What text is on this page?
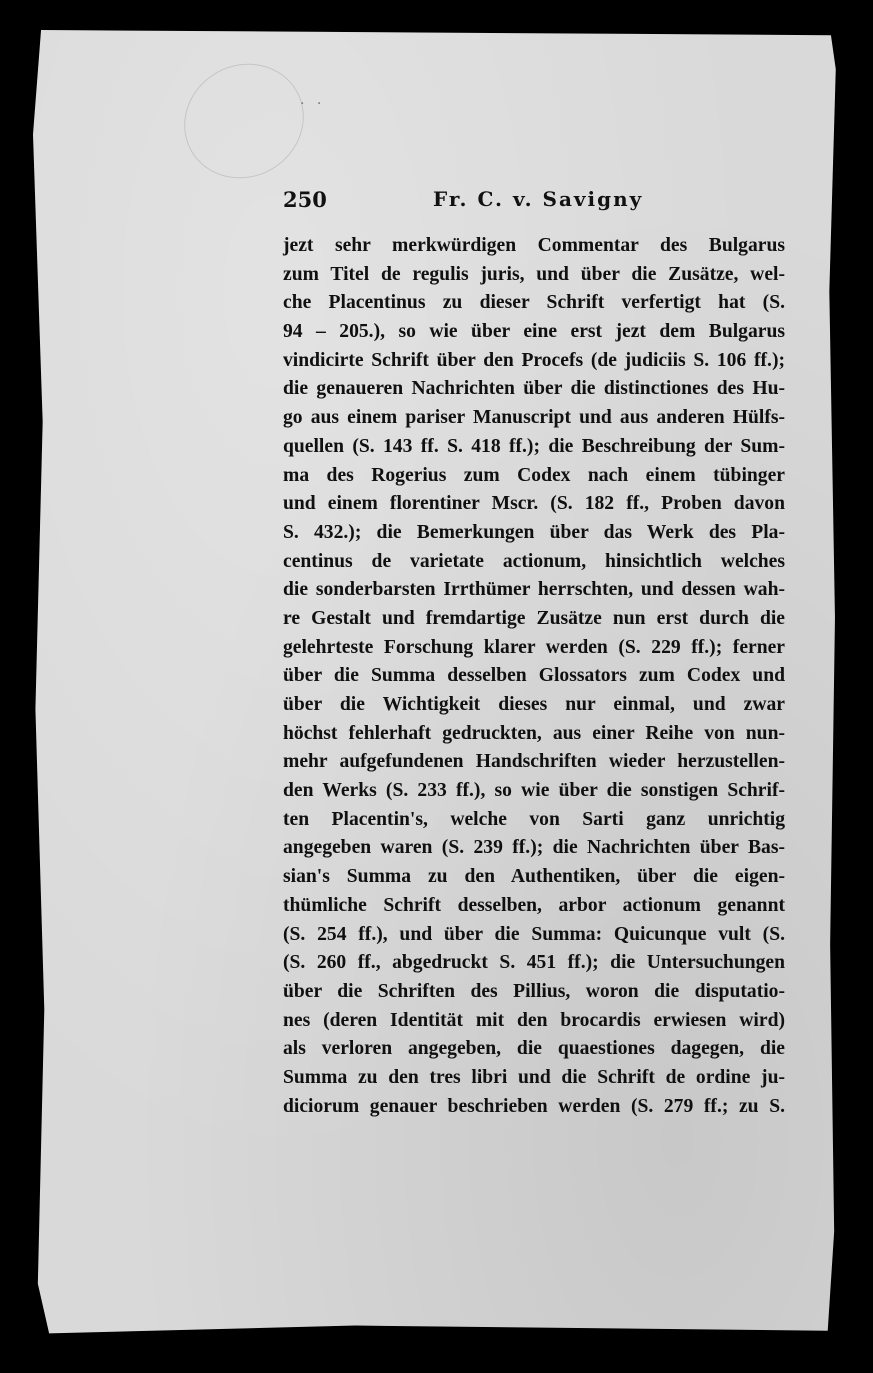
. .
250	Fr. C. v. Savigny
jezt sehr merkwürdigen Commentar des Bulgarus
zum Titel de regulis juris, und über die Zusätze, wel-
che Placentinus zu dieser Schrift verfertigt hat (S.
94 – 205.), so wie über eine erst jezt dem Bulgarus
vindicirte Schrift über den Procefs (de judiciis S. 106 ff.);
die genaueren Nachrichten über die distinctiones des Hu-
go aus einem pariser Manuscript und aus anderen Hülfs-
quellen (S. 143 ff. S. 418 ff.); die Beschreibung der Sum-
ma des Rogerius zum Codex nach einem tübinger
und einem florentiner Mscr. (S. 182 ff., Proben davon
S. 432.); die Bemerkungen über das Werk des Pla-
centinus de varietate actionum, hinsichtlich welches
die sonderbarsten Irrthümer herrschten, und dessen wah-
re Gestalt und fremdartige Zusätze nun erst durch die
gelehrteste Forschung klarer werden (S. 229 ff.); ferner
über die Summa desselben Glossators zum Codex und
über die Wichtigkeit dieses nur einmal, und zwar
höchst fehlerhaft gedruckten, aus einer Reihe von nun-
mehr aufgefundenen Handschriften wieder herzustellen-
den Werks (S. 233 ff.), so wie über die sonstigen Schrif-
ten Placentin's, welche von Sarti ganz unrichtig
angegeben waren (S. 239 ff.); die Nachrichten über Bas-
sian's Summa zu den Authentiken, über die eigen-
thümliche Schrift desselben, arbor actionum genannt
(S. 254 ff.), und über die Summa: Quicunque vult (S.
(S. 260 ff., abgedruckt S. 451 ff.); die Untersuchungen
über die Schriften des Pillius, woron die disputatio-
nes (deren Identität mit den brocardis erwiesen wird)
als verloren angegeben, die quaestiones dagegen, die
Summa zu den tres libri und die Schrift de ordine ju-
diciorum genauer beschrieben werden (S. 279 ff.; zu S.
